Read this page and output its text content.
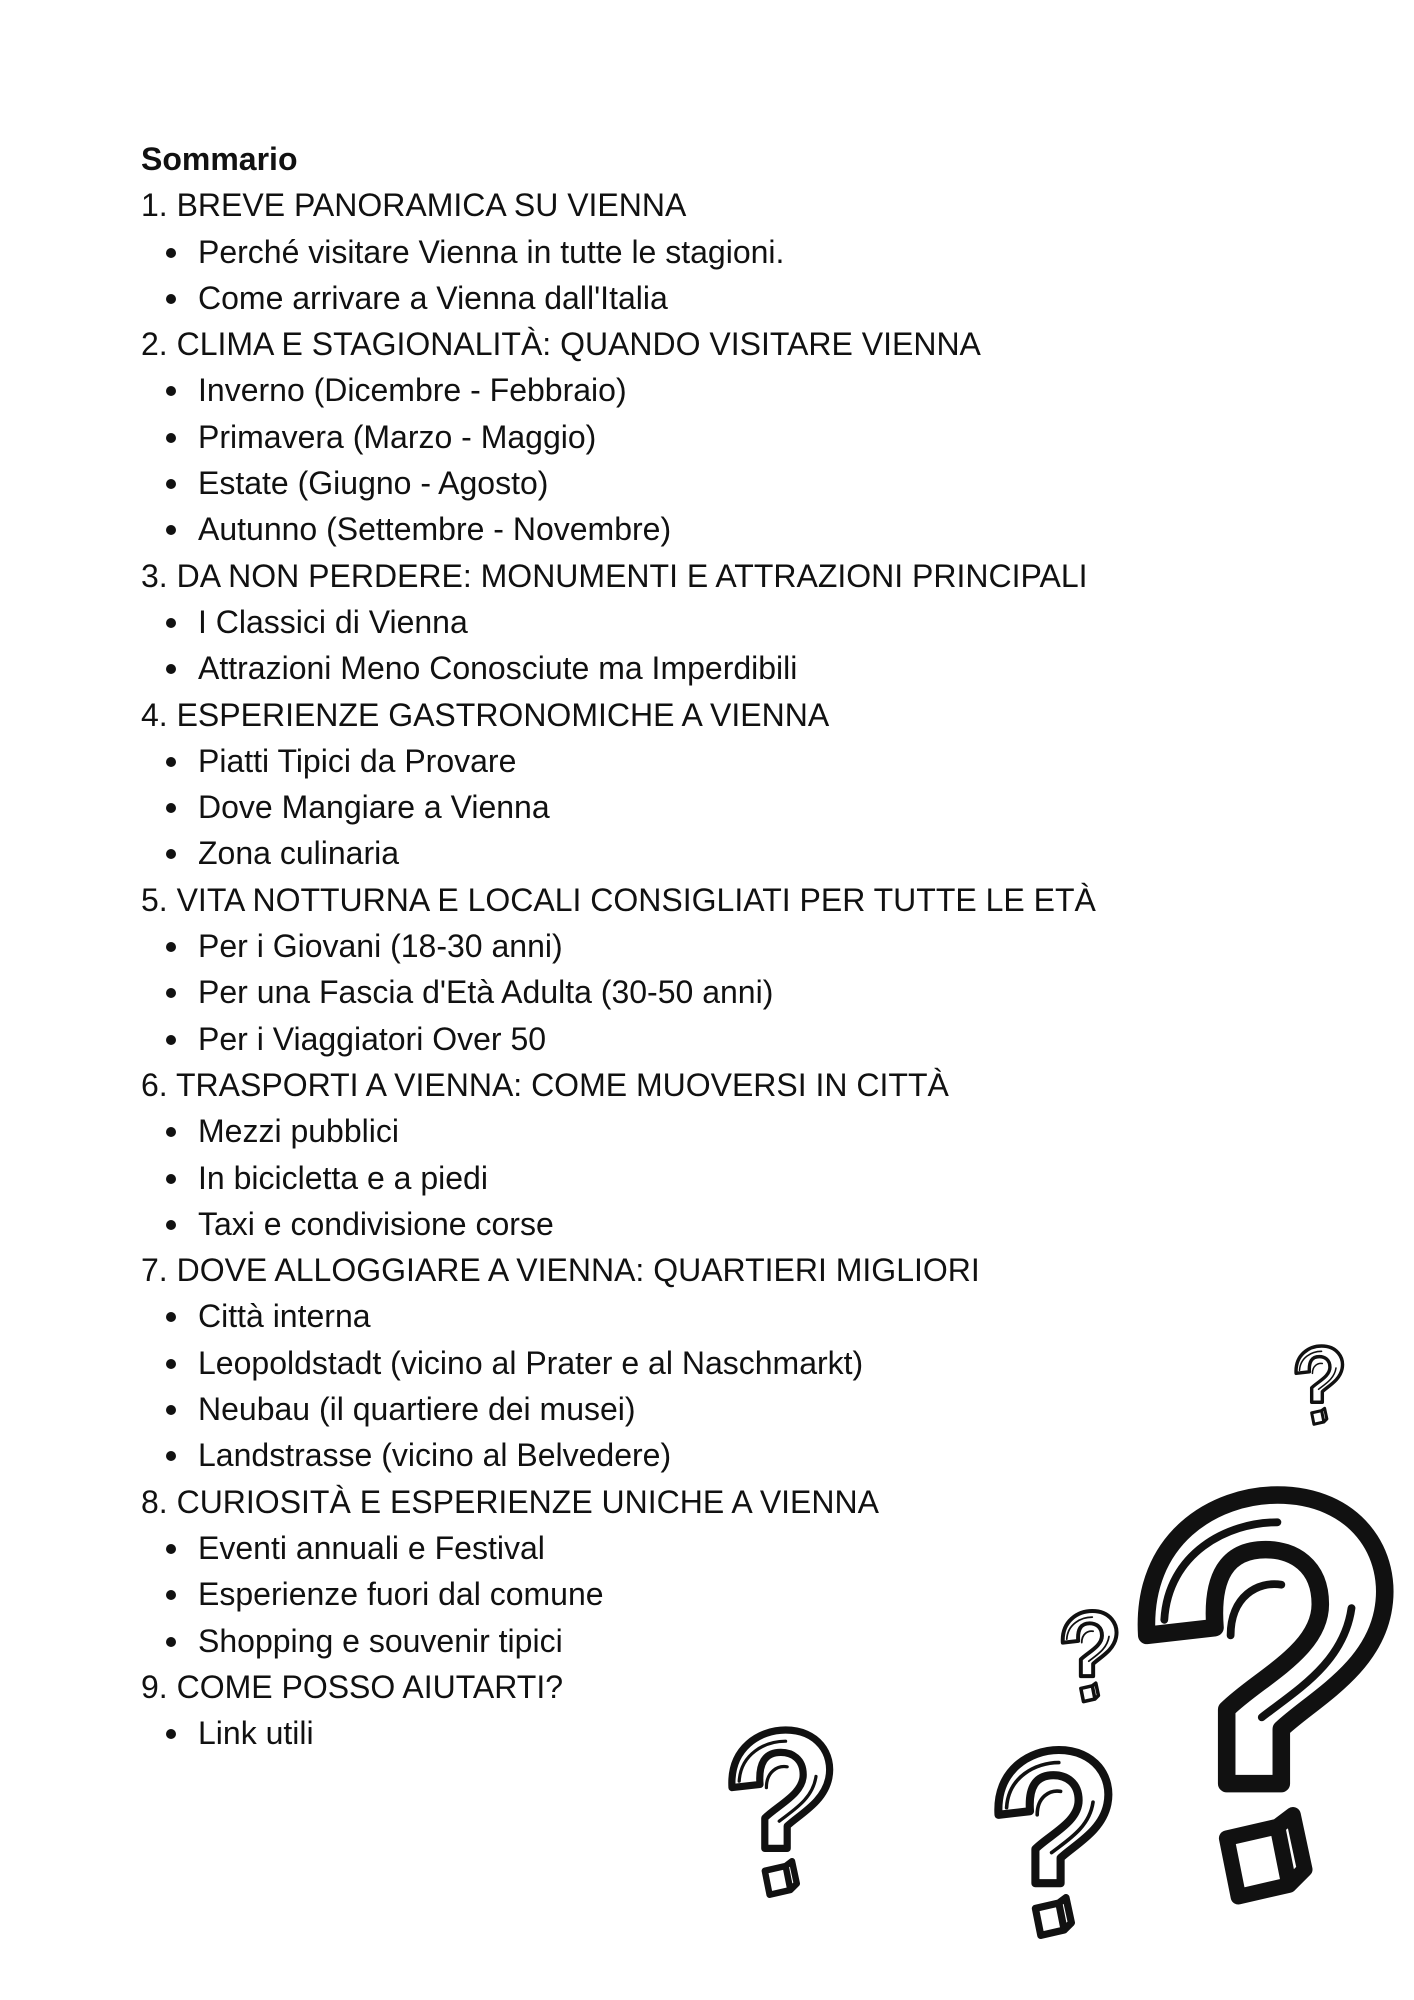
Sommario
1. BREVE PANORAMICA SU VIENNA
Perché visitare Vienna in tutte le stagioni.
Come arrivare a Vienna dall'Italia
2. CLIMA E STAGIONALITÀ: QUANDO VISITARE VIENNA
Inverno (Dicembre - Febbraio)
Primavera (Marzo - Maggio)
Estate (Giugno - Agosto)
Autunno (Settembre - Novembre)
3. DA NON PERDERE: MONUMENTI E ATTRAZIONI PRINCIPALI
I Classici di Vienna
Attrazioni Meno Conosciute ma Imperdibili
4. ESPERIENZE GASTRONOMICHE A VIENNA
Piatti Tipici da Provare
Dove Mangiare a Vienna
Zona culinaria
5. VITA NOTTURNA E LOCALI CONSIGLIATI PER TUTTE LE ETÀ
Per i Giovani (18-30 anni)
Per una Fascia d'Età Adulta (30-50 anni)
Per i Viaggiatori Over 50
6. TRASPORTI A VIENNA: COME MUOVERSI IN CITTÀ
Mezzi pubblici
In bicicletta e a piedi
Taxi e condivisione corse
7. DOVE ALLOGGIARE A VIENNA: QUARTIERI MIGLIORI
Città interna
Leopoldstadt (vicino al Prater e al Naschmarkt)
Neubau (il quartiere dei musei)
Landstrasse (vicino al Belvedere)
8. CURIOSITÀ E ESPERIENZE UNICHE A VIENNA
Eventi annuali e Festival
Esperienze fuori dal comune
Shopping e souvenir tipici
9. COME POSSO AIUTARTI?
Link utili
